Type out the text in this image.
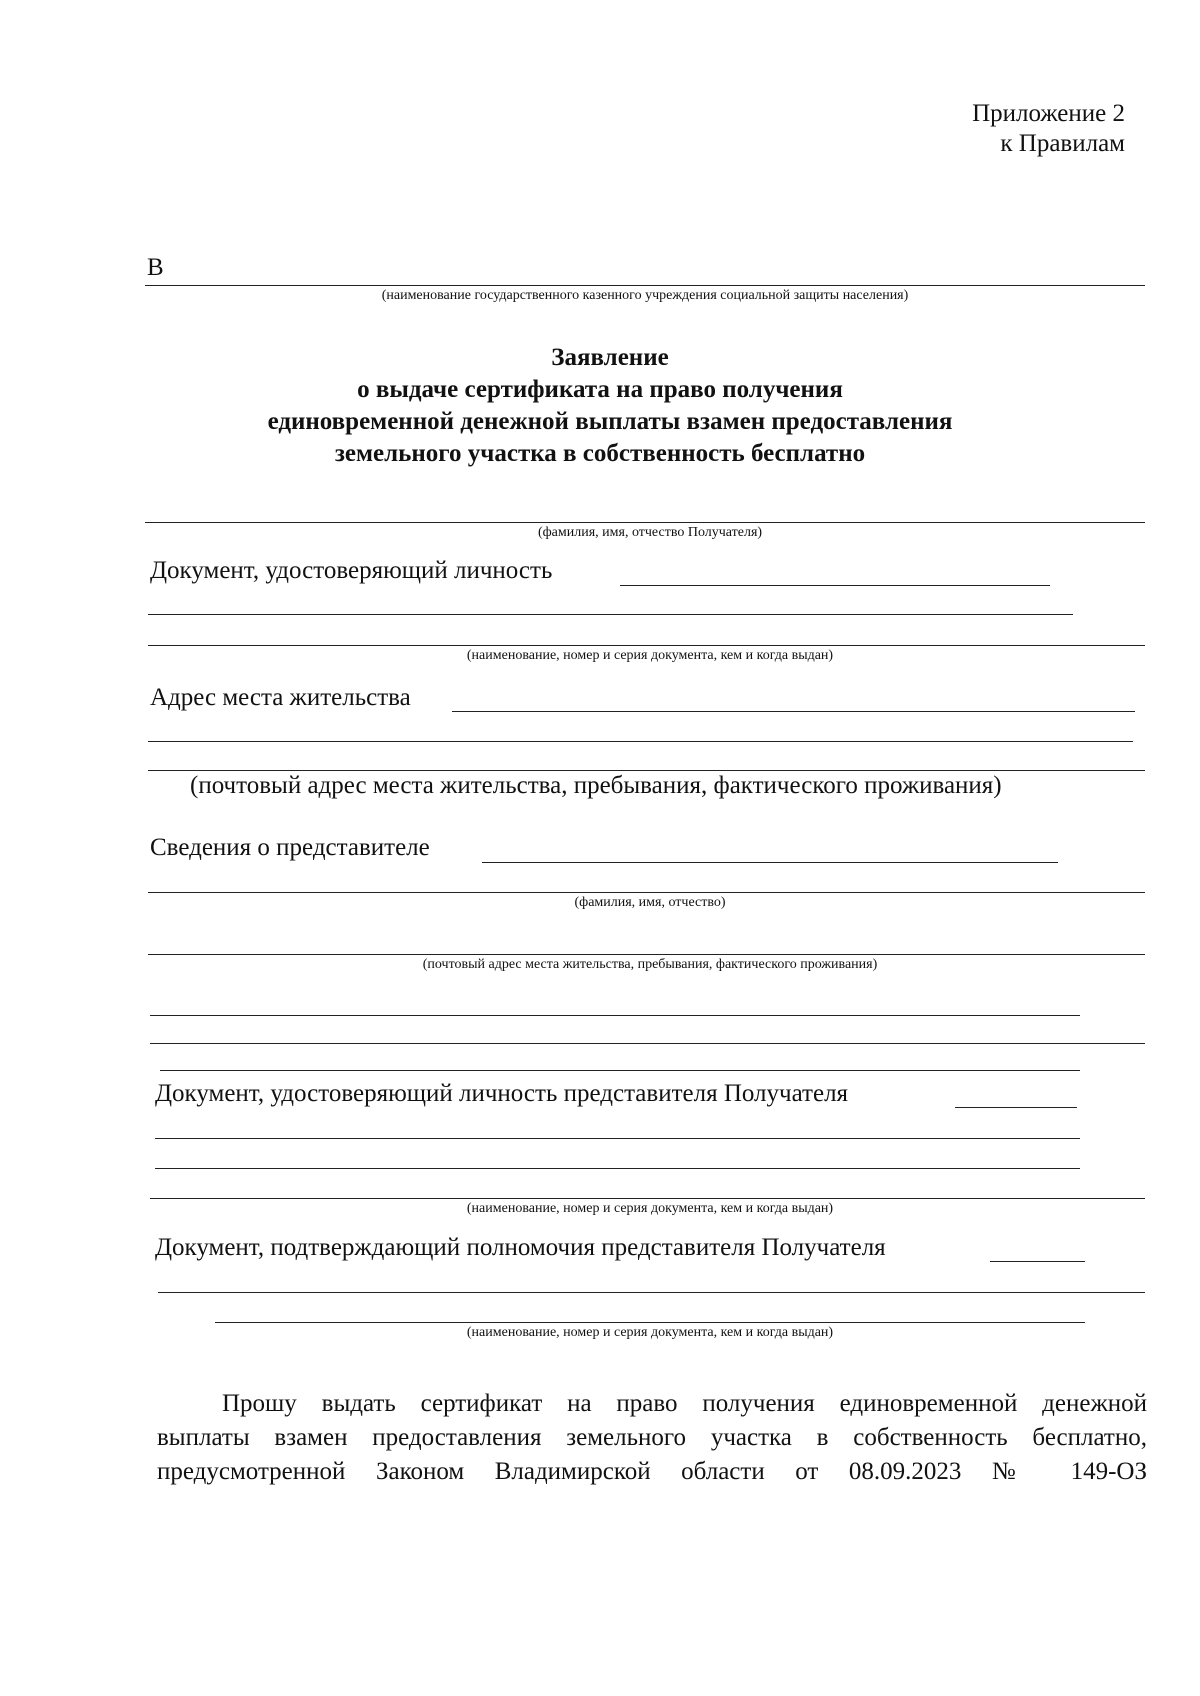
Приложение 2
к Правилам
В
(наименование государственного казенного учреждения социальной защиты населения)
Заявление
о выдаче сертификата на право получения
единовременной денежной выплаты взамен предоставления
земельного участка в собственность бесплатно
(фамилия, имя, отчество Получателя)
Документ, удостоверяющий личность
(наименование, номер и серия документа, кем и когда выдан)
Адрес места жительства
(почтовый адрес места жительства, пребывания, фактического проживания)
Сведения о представителе
(фамилия, имя, отчество)
(почтовый адрес места жительства, пребывания, фактического проживания)
Документ, удостоверяющий личность представителя Получателя
(наименование, номер и серия документа, кем и когда выдан)
Документ, подтверждающий полномочия представителя Получателя
(наименование, номер и серия документа, кем и когда выдан)
Прошу выдать сертификат на право получения единовременной денежной
выплаты взамен предоставления земельного участка в собственность бесплатно,
предусмотренной Законом Владимирской области от 08.09.2023 № 149-ОЗ
